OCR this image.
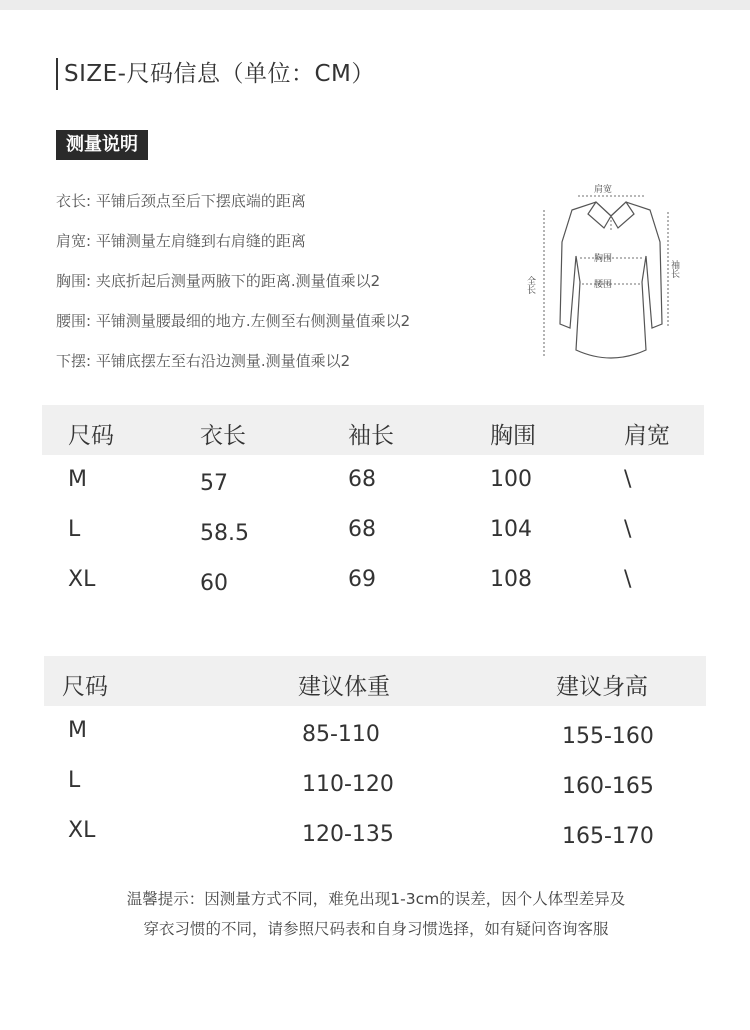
SIZE-尺码信息（单位：CM）
测量说明
衣长: 平铺后颈点至后下摆底端的距离
肩宽: 平铺测量左肩缝到右肩缝的距离
胸围: 夹底折起后测量两腋下的距离.测量值乘以2
腰围: 平铺测量腰最细的地方.左侧至右侧测量值乘以2
下摆: 平铺底摆左至右沿边测量.测量值乘以2
肩宽
胸围
腰围
全长
袖长
尺码	衣长	袖长	胸围	肩宽
M	57	68	100	\
L	58.5	68	104	\
XL	60	69	108	\
尺码	建议体重	建议身高
M	85-110	155-160
L	110-120	160-165
XL	120-135	165-170
温馨提示：因测量方式不同，难免出现1-3cm的误差，因个人体型差异及
穿衣习惯的不同，请参照尺码表和自身习惯选择，如有疑问咨询客服
